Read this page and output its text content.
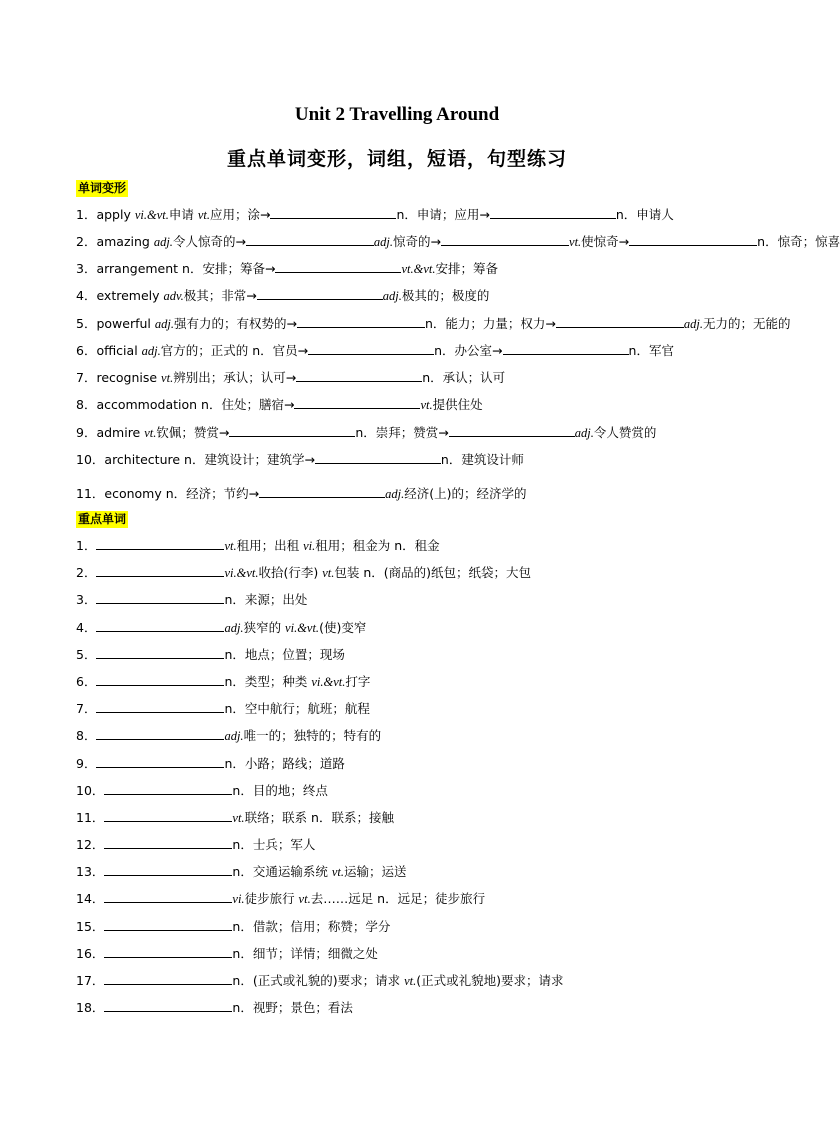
Unit 2 Travelling Around
重点单词变形，词组，短语，句型练习
单词变形
1．apply vi.&vt.申请 vt.应用；涂→	n．申请；应用→	n．申请人
2．amazing adj.令人惊奇的→	adj.惊奇的→	vt.使惊奇→	n．惊奇；惊喜
3．arrangement n．安排；筹备→	vt.&vt.安排；筹备
4．extremely adv.极其；非常→	adj.极其的；极度的
5．powerful adj.强有力的；有权势的→	n．能力；力量；权力→	adj.无力的；无能的
6．official adj.官方的；正式的 n．官员→	n．办公室→	n．军官
7．recognise vt.辨别出；承认；认可→	n．承认；认可
8．accommodation n．住处；膳宿→	vt.提供住处
9．admire vt.钦佩；赞赏→	n．崇拜；赞赏→	adj.令人赞赏的
10．architecture n．建筑设计；建筑学→	n．建筑设计师
11．economy n．经济；节约→	adj.经济(上)的；经济学的
重点单词
1．	vt.租用；出租 vi.租用；租金为 n．租金
2．	vi.&vt.收拾(行李) vt.包装 n．(商品的)纸包；纸袋；大包
3．	n．来源；出处
4．	adj.狭窄的 vi.&vt.(使)变窄
5．	n．地点；位置；现场
6．	n．类型；种类 vi.&vt.打字
7．	n．空中航行；航班；航程
8．	adj.唯一的；独特的；特有的
9．	n．小路；路线；道路
10．	n．目的地；终点
11．	vt.联络；联系 n．联系；接触
12．	n．士兵；军人
13．	n．交通运输系统 vt.运输；运送
14．	vi.徒步旅行 vt.去……远足 n．远足；徒步旅行
15．	n．借款；信用；称赞；学分
16．	n．细节；详情；细微之处
17．	n．(正式或礼貌的)要求；请求 vt.(正式或礼貌地)要求；请求
18．	n．视野；景色；看法
